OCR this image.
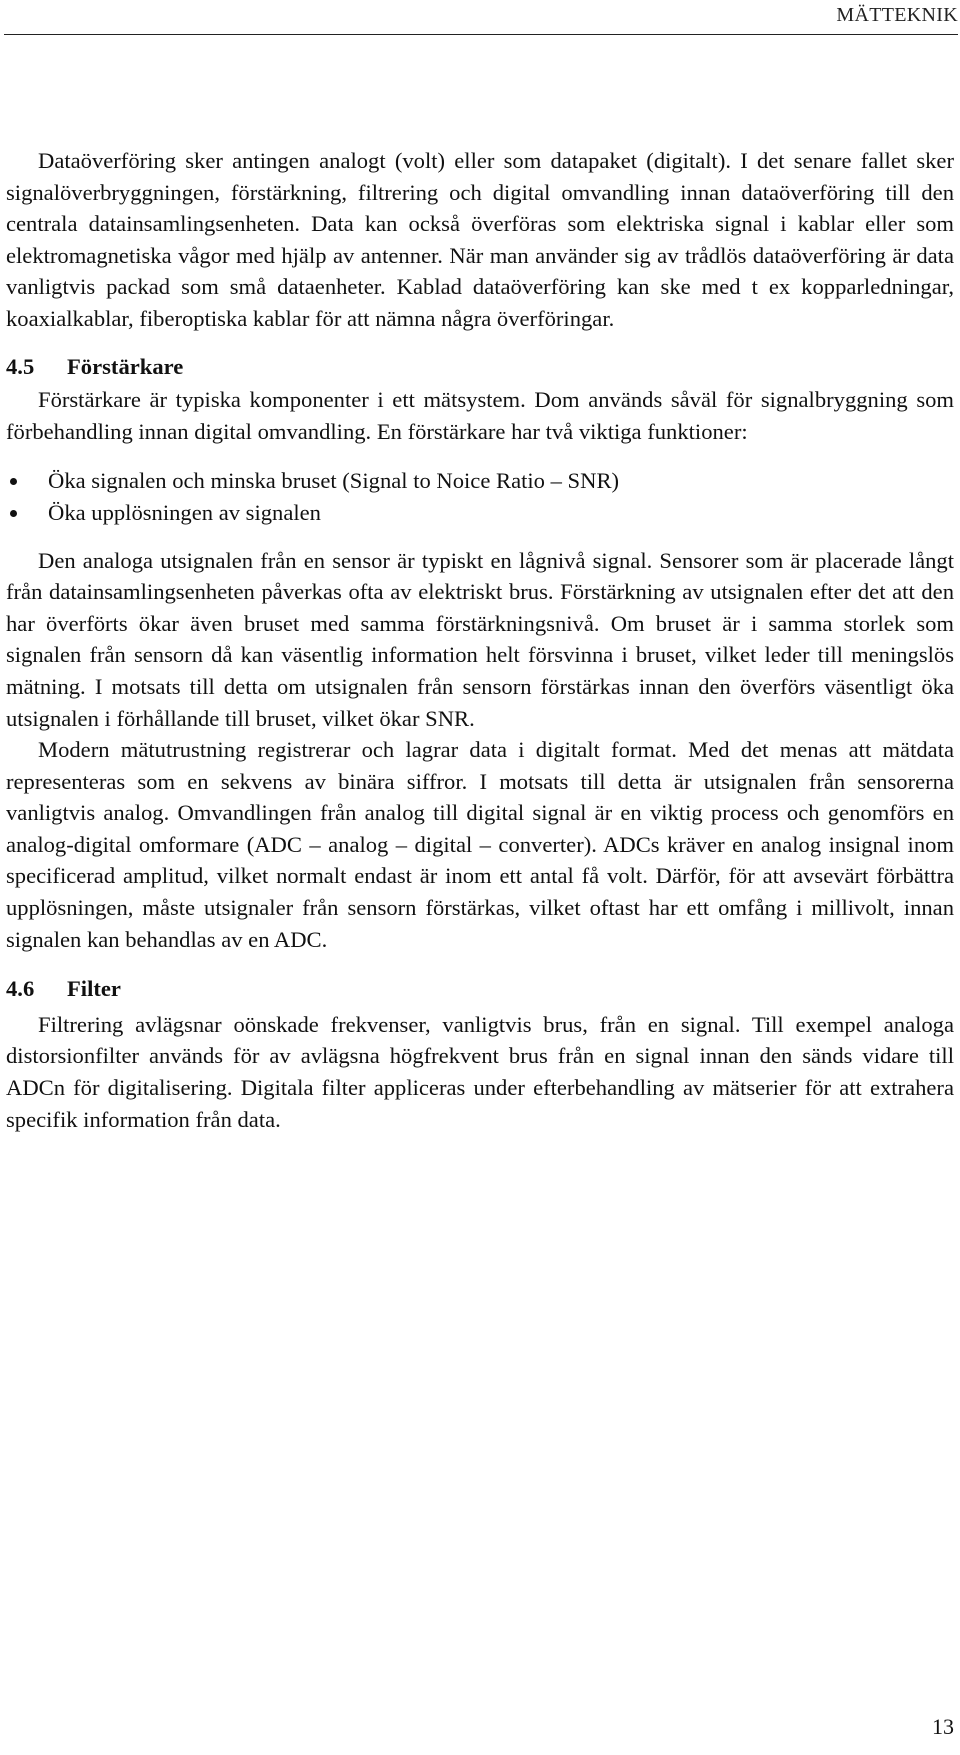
MÄTTEKNIK

Dataöverföring sker antingen analogt (volt) eller som datapaket (digitalt). I det senare fallet sker signalöverbryggningen, förstärkning, filtrering och digital omvandling innan dataöverföring till den centrala datainsamlingsenheten. Data kan också överföras som elektriska signal i kablar eller som elektromagnetiska vågor med hjälp av antenner. När man använder sig av trådlös dataöverföring är data vanligtvis packad som små dataenheter. Kablad dataöverföring kan ske med t ex kopparledningar, koaxialkablar, fiberoptiska kablar för att nämna några överföringar.

4.5 Förstärkare

Förstärkare är typiska komponenter i ett mätsystem. Dom används såväl för signalbryggning som förbehandling innan digital omvandling. En förstärkare har två viktiga funktioner:

Öka signalen och minska bruset (Signal to Noice Ratio – SNR)
Öka upplösningen av signalen

Den analoga utsignalen från en sensor är typiskt en lågnivå signal. Sensorer som är placerade långt från datainsamlingsenheten påverkas ofta av elektriskt brus. Förstärkning av utsignalen efter det att den har överförts ökar även bruset med samma förstärkningsnivå. Om bruset är i samma storlek som signalen från sensorn då kan väsentlig information helt försvinna i bruset, vilket leder till meningslös mätning. I motsats till detta om utsignalen från sensorn förstärkas innan den överförs väsentligt öka utsignalen i förhållande till bruset, vilket ökar SNR.

Modern mätutrustning registrerar och lagrar data i digitalt format. Med det menas att mätdata representeras som en sekvens av binära siffror. I motsats till detta är utsignalen från sensorerna vanligtvis analog. Omvandlingen från analog till digital signal är en viktig process och genomförs en analog-digital omformare (ADC – analog – digital – converter). ADCs kräver en analog insignal inom specificerad amplitud, vilket normalt endast är inom ett antal få volt. Därför, för att avsevärt förbättra upplösningen, måste utsignaler från sensorn förstärkas, vilket oftast har ett omfång i millivolt, innan signalen kan behandlas av en ADC.

4.6 Filter

Filtrering avlägsnar oönskade frekvenser, vanligtvis brus, från en signal. Till exempel analoga distorsionfilter används för av avlägsna högfrekvent brus från en signal innan den sänds vidare till ADCn för digitalisering. Digitala filter appliceras under efterbehandling av mätserier för att extrahera specifik information från data.

13
